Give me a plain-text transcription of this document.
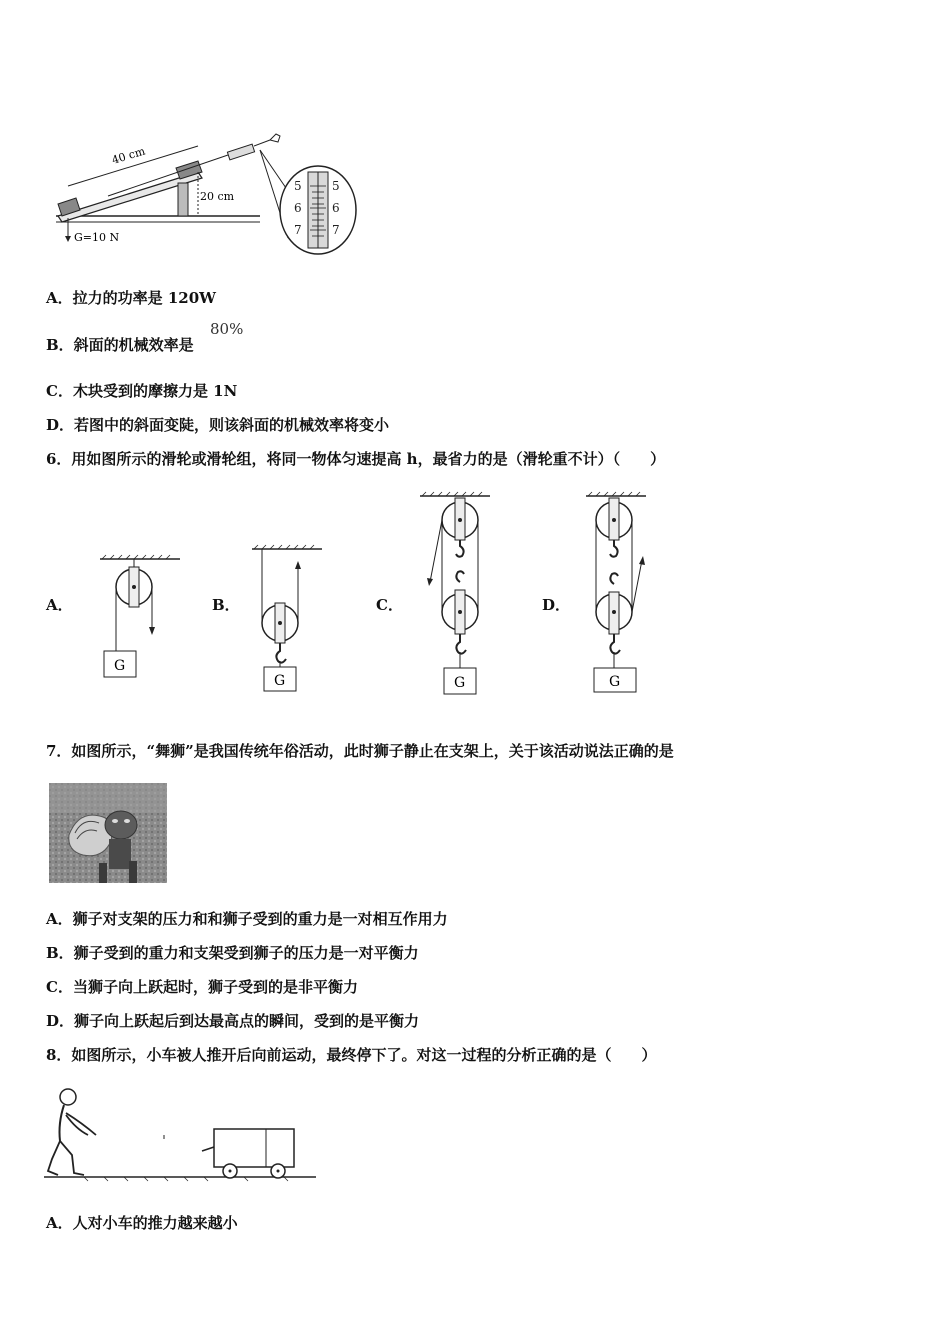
40 cm
20 cm
G=10 N
5
6
7
5
6
7
A．拉力的功率是 120W
B．斜面的机械效率是
80%
C．木块受到的摩擦力是 1N
D．若图中的斜面变陡，则该斜面的机械效率将变小
6．用如图所示的滑轮或滑轮组，将同一物体匀速提高 h，最省力的是（滑轮重不计）（　　）
A．	B．	C．	D．
G
G	G	G
7．如图所示，“舞狮”是我国传统年俗活动，此时狮子静止在支架上，关于该活动说法正确的是
A．狮子对支架的压力和和狮子受到的重力是一对相互作用力
B．狮子受到的重力和支架受到狮子的压力是一对平衡力
C．当狮子向上跃起时，狮子受到的是非平衡力
D．狮子向上跃起后到达最高点的瞬间，受到的是平衡力
8．如图所示，小车被人推开后向前运动，最终停下了。对这一过程的分析正确的是（　　）
A．人对小车的推力越来越小
